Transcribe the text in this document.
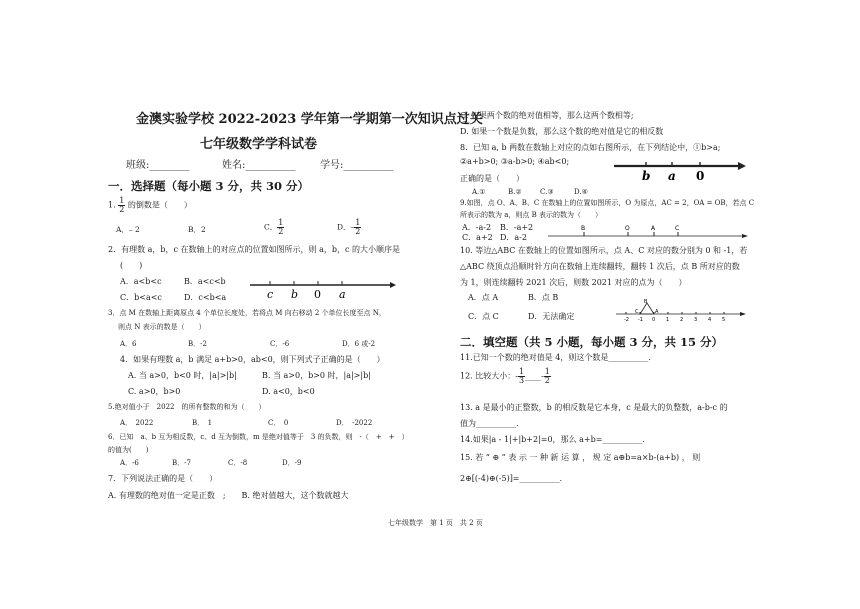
金澳实验学校 2022-2023 学年第一学期第一次知识点过关
七年级数学学科试卷
班级:________	姓名:__________ 学号:__________
一．选择题（每小题 3 分，共 30 分）
1. $\frac{1}{2}$ 的倒数是（　　）
A．– 2	B．2	C． $\frac{1}{2}$	D．– $\frac{1}{2}$
2．有理数 a，b，c 在数轴上的对应点的位置如图所示，则 a，b，c 的大小顺序是
(　　)
A．a<b<c	B．a<c<b
C．b<a<c	D．c<b<a	c b 0 a
3．点 M 在数轴上距离原点 4 个单位长度处，若将点 M 向右移动 2 个单位长度至点 N，
则点 N 表示的数是（　　）
A．6	B．-2	C．-6	D．6 或-2
4．如果有理数 a，b 满足 a+b>0，ab<0，则下列式子正确的是（　　）
A. 当 a>0，b<0 时，|a|>|b|	B. 当 a>0，b>0 时，|a|>|b|
C. a>0，b>0	D. a<0，b<0
5.绝对值小于　2022　的所有整数的和为（　　）
A．　2022	B．　1	C．　0	D．　-2022
6．已知　a、b 互为相反数，c、d 互为倒数，m 是绝对值等于　3 的负数，则　-（　+　+　）
的值为(　　)
A．-6	B．-7	C．-8	D．-9
7．下列说法正确的是（　　）
A. 有理数的绝对值一定是正数　;　　B. 绝对值越大，这个数就越大
C. 如果两个数的绝对值相等，那么这两个数相等;
D. 如果一个数是负数，那么这个数的绝对值是它的相反数
8．已知 a, b 两数在数轴上对应的点如右图所示，在下列结论中，①b>a;
②a+b>0; ③a-b>0; ④ab<0;
正确的是（　　）
A.①	B.②	C.③	D.④
b a 0
9.如图，点 O、A、B、C 在数轴上的位置如图所示，O 为原点，AC = 2，OA = OB，若点 C
所表示的数为 a，则点 B 表示的数为（　　）
A．-a-2 B．-a+2
C．a+2 D．a-2
B	O	A	C
10. 等边△ABC 在数轴上的位置如图所示，点 A、C 对应的数分别为 0 和 -1，若
△ABC 绕顶点沿顺时针方向在数轴上连续翻转，翻转 1 次后，点 B 所对应的数
为 1，则连续翻转 2021 次后，则数 2021 对应的点为（　　）
A．点 A	B．点 B
C．点 C	D．无法确定
B
C	A
-2 -1 0 1 2 3 4 5
二．填空题（共 5 小题，每小题 3 分，共 15 分）
11.已知一个数的绝对值是 4，则这个数是__________.
12. 比较大小：- $\frac{1}{3}$ ____- $\frac{1}{2}$
13. a 是最小的正整数，b 的相反数是它本身，c 是最大的负整数，a-b-c 的
值为__________.
14.如果|a - 1|+|b+2|=0，那么 a+b=__________.
15. 若 “ ⊕ ” 表 示 一 种 新 运 算 ， 规 定 a⊕b=a×b-(a+b) ， 则
2⊕[(-4)⊕(-5)]=__________.
七年级数学　第 1 页　共 2 页
